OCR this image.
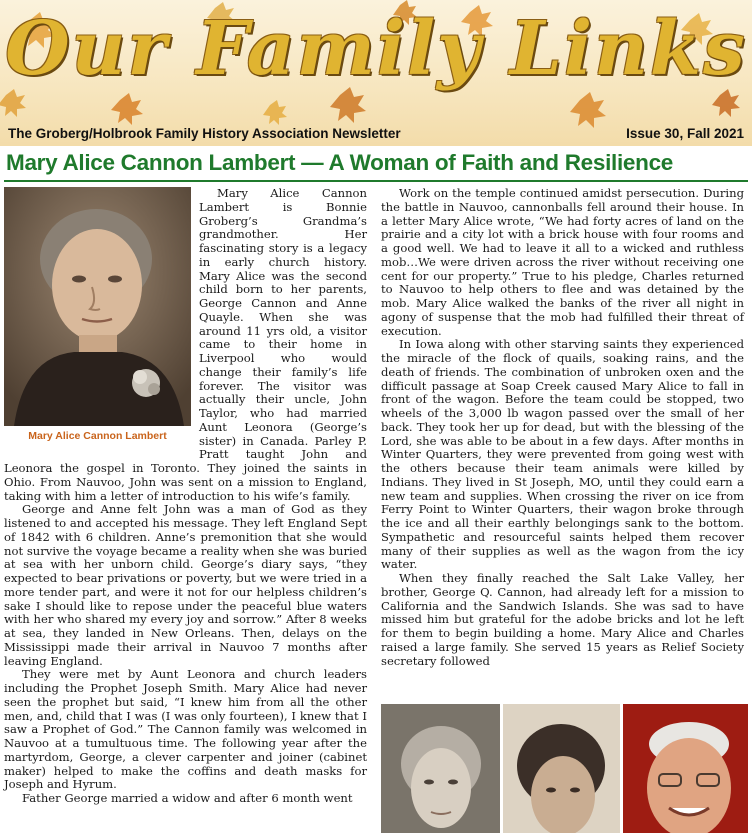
Our Family Links
The Groberg/Holbrook Family History Association Newsletter	Issue 30, Fall 2021
Mary Alice Cannon Lambert — A Woman of Faith and Resilience
Mary Alice Cannon Lambert

Mary Alice Cannon Lambert is Bonnie Groberg’s Grandma’s grandmother. Her fascinating story is a legacy in early church history. Mary Alice was the second child born to her parents, George Cannon and Anne Quayle. When she was around 11 yrs old, a visitor came to their home in Liverpool who would change their family’s life forever. The visitor was actually their uncle, John Taylor, who had married Aunt Leonora (George’s sister) in Canada. Parley P. Pratt taught John and Leonora the gospel in Toronto. They joined the saints in Ohio. From Nauvoo, John was sent on a mission to England, taking with him a letter of introduction to his wife’s family.

George and Anne felt John was a man of God as they listened to and accepted his message. They left England Sept of 1842 with 6 children. Anne’s premonition that she would not survive the voyage became a reality when she was buried at sea with her unborn child. George’s diary says, “they expected to bear privations or poverty, but we were tried in a more tender part, and were it not for our helpless children’s sake I should like to repose under the peaceful blue waters with her who shared my every joy and sorrow.” After 8 weeks at sea, they landed in New Orleans. Then, delays on the Mississippi made their arrival in Nauvoo 7 months after leaving England.

They were met by Aunt Leonora and church leaders including the Prophet Joseph Smith. Mary Alice had never seen the prophet but said, “I knew him from all the other men, and, child that I was (I was only fourteen), I knew that I saw a Prophet of God.” The Cannon family was welcomed in Nauvoo at a tumultuous time. The following year after the martyrdom, George, a clever carpenter and joiner (cabinet maker) helped to make the coffins and death masks for Joseph and Hyrum.

Father George married a widow and after 6 month went

Work on the temple continued amidst persecution. During the battle in Nauvoo, cannonballs fell around their house. In a letter Mary Alice wrote, “We had forty acres of land on the prairie and a city lot with a brick house with four rooms and a good well. We had to leave it all to a wicked and ruthless mob…We were driven across the river without receiving one cent for our property.” True to his pledge, Charles returned to Nauvoo to help others to flee and was detained by the mob. Mary Alice walked the banks of the river all night in agony of suspense that the mob had fulfilled their threat of execution.

In Iowa along with other starving saints they experienced the miracle of the flock of quails, soaking rains, and the death of friends. The combination of unbroken oxen and the difficult passage at Soap Creek caused Mary Alice to fall in front of the wagon. Before the team could be stopped, two wheels of the 3,000 lb wagon passed over the small of her back. They took her up for dead, but with the blessing of the Lord, she was able to be about in a few days. After months in Winter Quarters, they were prevented from going west with the others because their team animals were killed by Indians. They lived in St Joseph, MO, until they could earn a new team and supplies. When crossing the river on ice from Ferry Point to Winter Quarters, their wagon broke through the ice and all their earthly belongings sank to the bottom. Sympathetic and resourceful saints helped them recover many of their supplies as well as the wagon from the icy water.

When they finally reached the Salt Lake Valley, her brother, George Q. Cannon, had already left for a mission to California and the Sandwich Islands. She was sad to have missed him but grateful for the adobe bricks and lot he left for them to begin building a home. Mary Alice and Charles raised a large family. She served 15 years as Relief Society secretary followed
